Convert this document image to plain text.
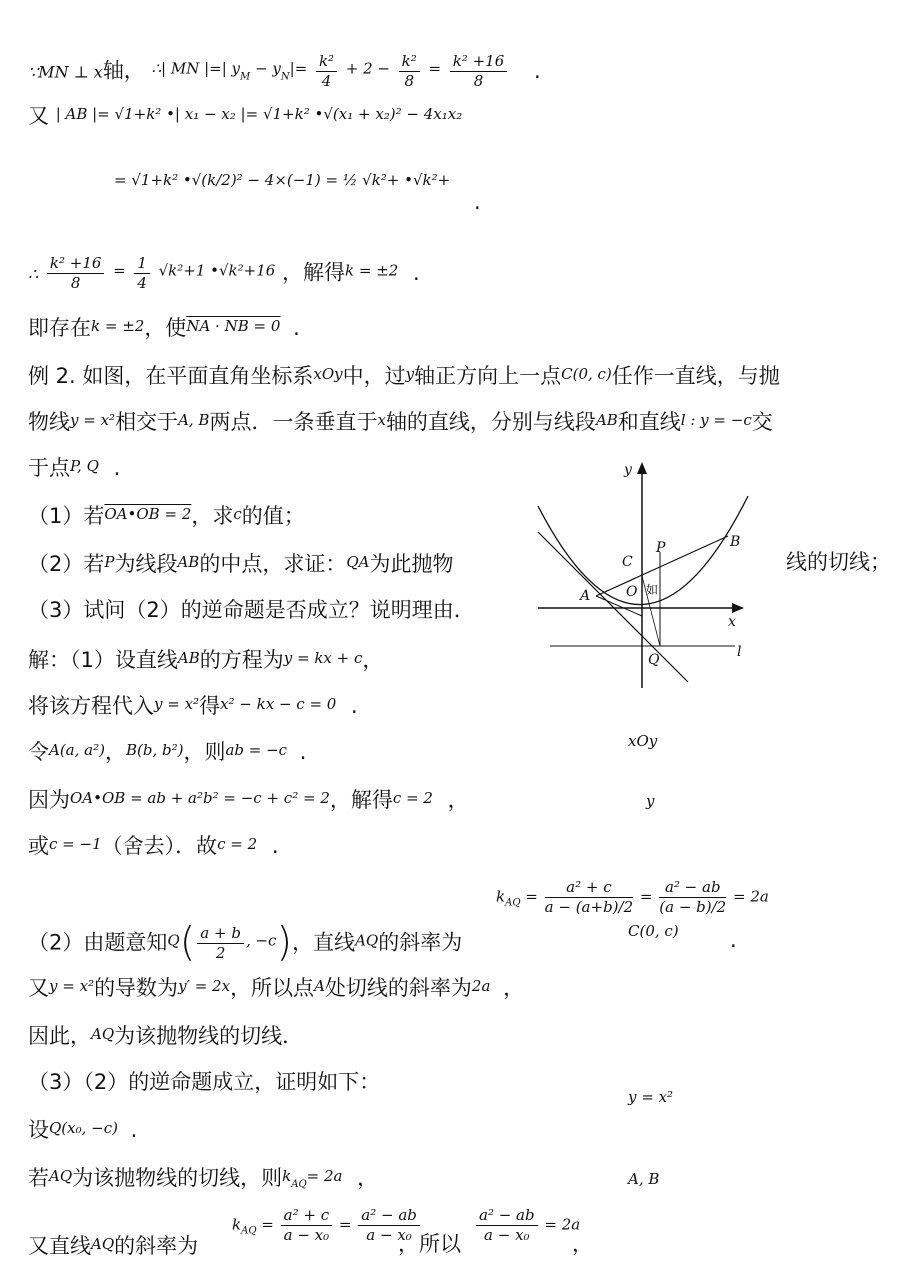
∵MN ⊥ x轴， ∴| MN |=| yM − $yN|= \frac{\text{k²}}{4} + 2 - \frac{\text{k²}}{8} = \frac{\text{k² +16}}{8}$ .
又 | AB |= √1+k² •| x₁ − x₂ |= √1+k² •√(x₁ + x₂)² − 4x₁x₂
= √1+k² •√(k/2)² − 4×(−1) = ½ √k²+ •√k²+
.
∴ $\frac{\text{k² +16}}{8} = \frac{1}{4} √k^2+1$ •√k²+16 ，解得k = ±2 .
即存在k = ±2，使NA · NB = 0 .
例 2. 如图，在平面直角坐标系xOy中，过y轴正方向上一点C(0, c)任作一直线，与抛
物线y = x²相交于A, B两点．一条垂直于x轴的直线，分别与线段AB和直线l : y = −c交
于点P, Q .
（1）若OA•OB = 2，求c的值；
（2）若P为线段AB的中点，求证：QA为此抛物	线的切线；
（3）试问（2）的逆命题是否成立？说明理由．
y
x
l
C
P	B
A	O 如
Q
解：（1）设直线AB的方程为y = kx + c，
将该方程代入y = x²得x² − kx − c = 0 .
令A(a, a²)，B(b, b²)，则ab = −c .
因为OA•OB = ab + a²b² = −c + c² = 2，解得c = 2 ，
或c = −1（舍去）．故c = 2 .
（2）由题意知$Q( \frac{a + b}{2}$ , −c)，直线AQ的斜率为
$k_{AQ} = \frac{\text{a² + c}}{a - (a+b)/2} = \frac{\text{a² − ab}}{(a - b)/2} = 2a$
.
又y = x²的导数为y′ = 2x，所以点A处切线的斜率为2a ，
因此，AQ为该抛物线的切线．
（3）（2）的逆命题成立，证明如下：
设Q(x₀, −c) .
若AQ为该抛物线的切线，则kAQ= 2a ，
又直线AQ的斜率为
$k_{AQ} = \frac{\text{a² + c}}{\text{a − x₀}} = \frac{\text{a² − ab}}{\text{a − x₀}}$
，所以 $\frac{\text{a² − ab}}{\text{a − x₀}} = 2a$
，
xOy
y
C(0, c)
y = x²
A, B
